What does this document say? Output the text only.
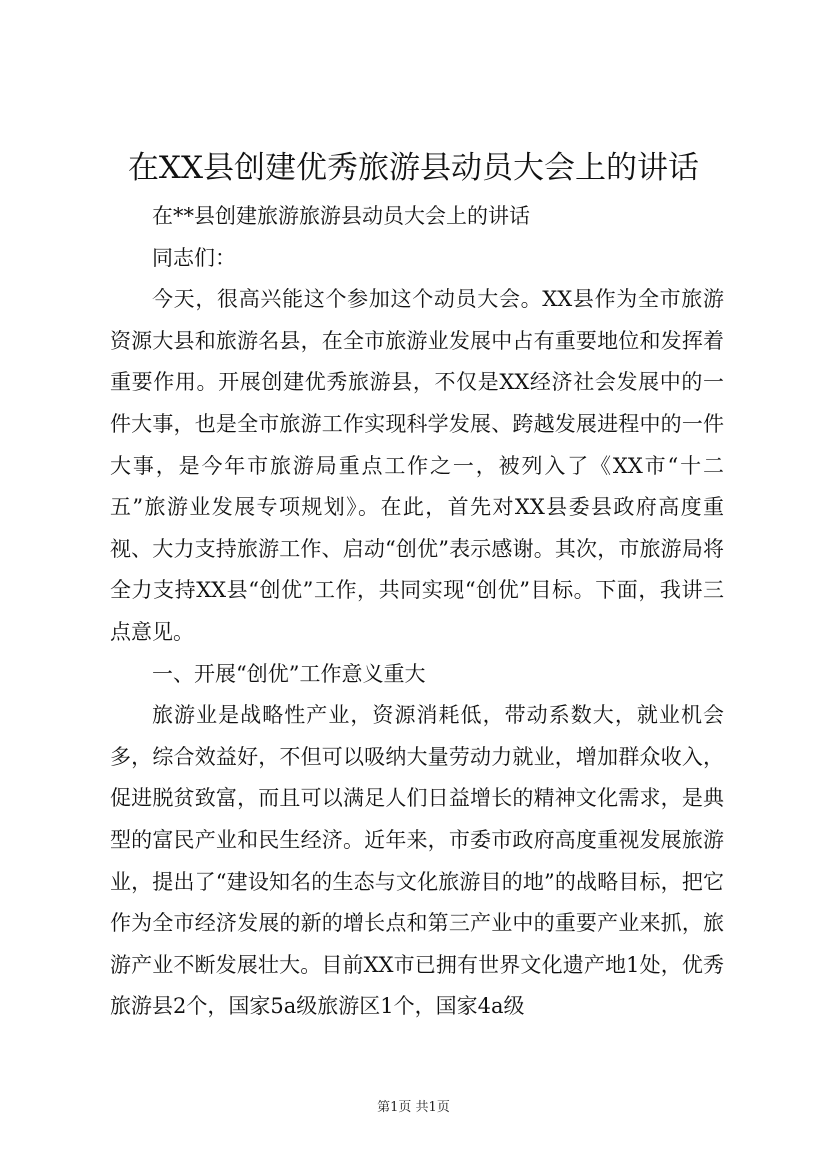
在XX县创建优秀旅游县动员大会上的讲话

在**县创建旅游旅游县动员大会上的讲话

同志们：

今天，很高兴能这个参加这个动员大会。XX县作为全市旅游资源大县和旅游名县，在全市旅游业发展中占有重要地位和发挥着重要作用。开展创建优秀旅游县，不仅是XX经济社会发展中的一件大事，也是全市旅游工作实现科学发展、跨越发展进程中的一件大事，是今年市旅游局重点工作之一，被列入了《XX市“十二五”旅游业发展专项规划》。在此，首先对XX县委县政府高度重视、大力支持旅游工作、启动“创优”表示感谢。其次，市旅游局将全力支持XX县“创优”工作，共同实现“创优”目标。下面，我讲三点意见。

一、开展“创优”工作意义重大

旅游业是战略性产业，资源消耗低，带动系数大，就业机会多，综合效益好，不但可以吸纳大量劳动力就业，增加群众收入，促进脱贫致富，而且可以满足人们日益增长的精神文化需求，是典型的富民产业和民生经济。近年来，市委市政府高度重视发展旅游业，提出了“建设知名的生态与文化旅游目的地”的战略目标，把它作为全市经济发展的新的增长点和第三产业中的重要产业来抓，旅游产业不断发展壮大。目前XX市已拥有世界文化遗产地1处，优秀旅游县2个，国家5a级旅游区1个，国家4a级

第1页 共1页
